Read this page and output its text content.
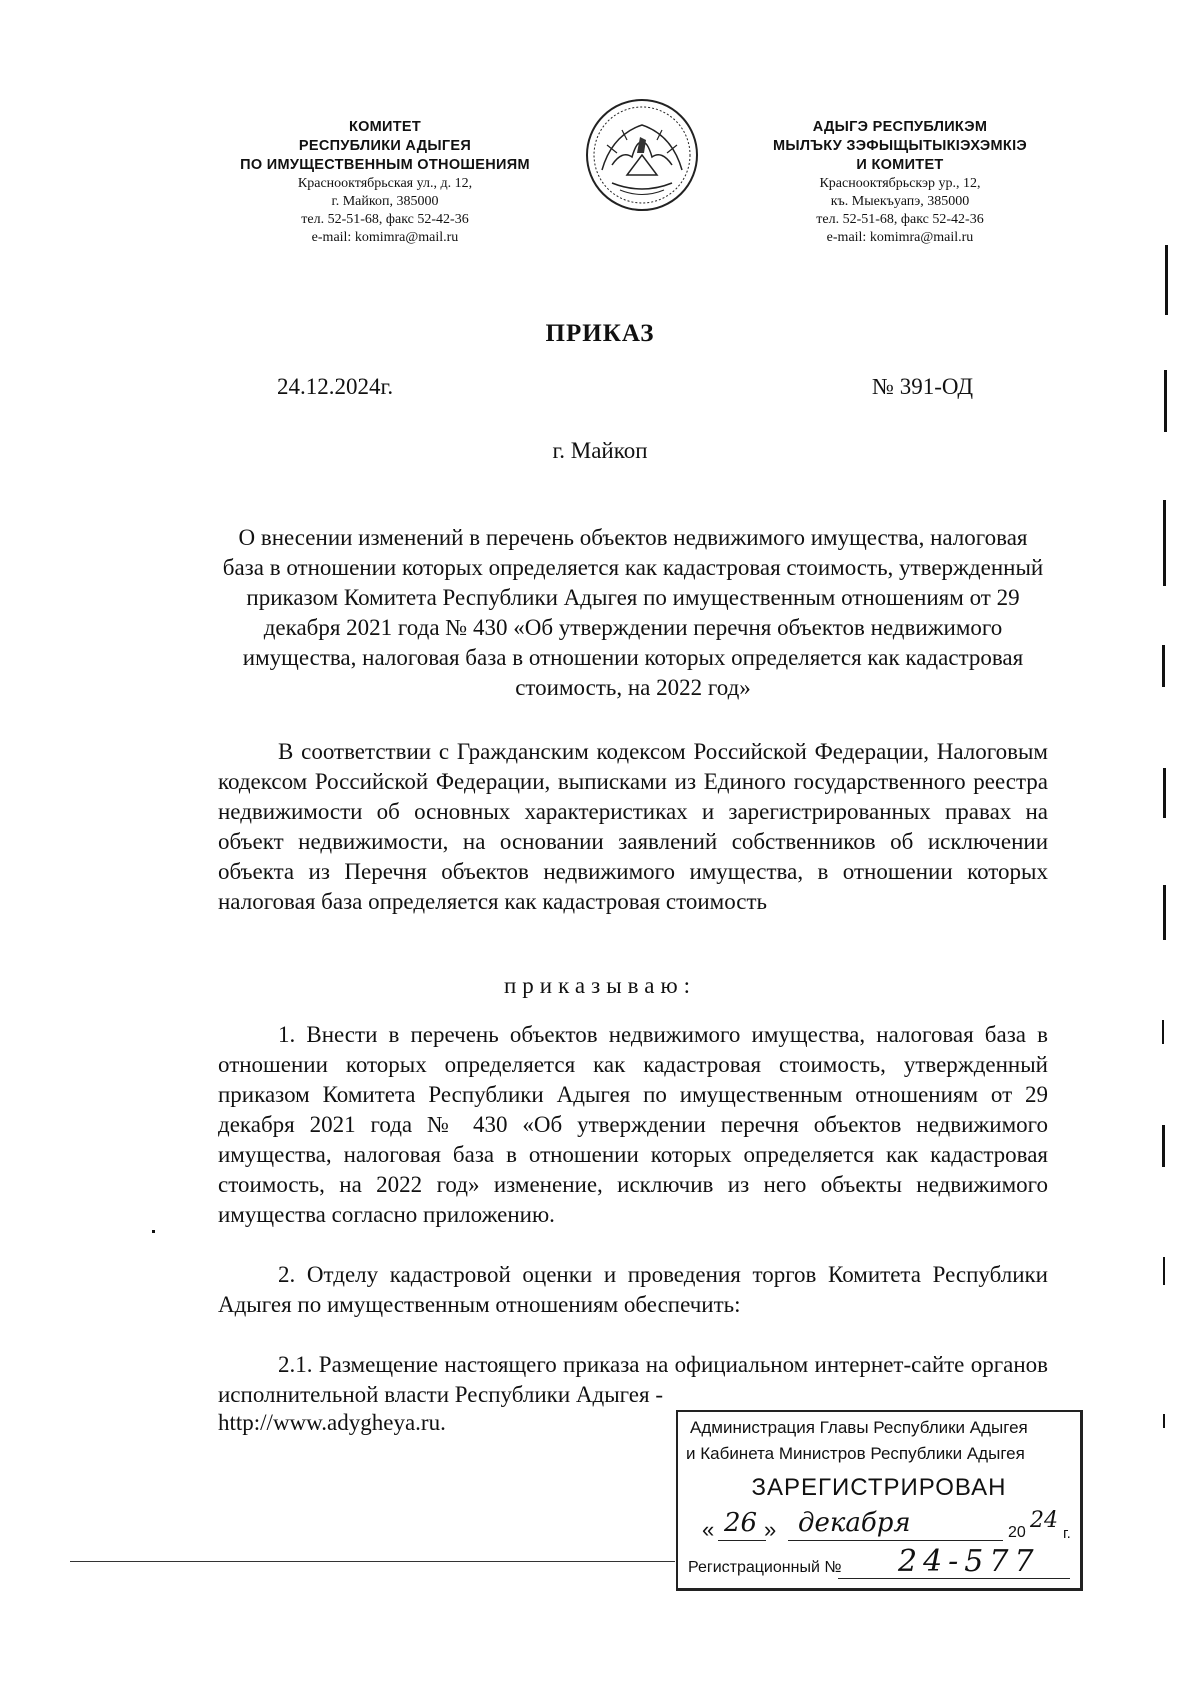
КОМИТЕТ
РЕСПУБЛИКИ АДЫГЕЯ
ПО ИМУЩЕСТВЕННЫМ ОТНОШЕНИЯМ
Краснооктябрьская ул., д. 12,
г. Майкоп, 385000
тел. 52-51-68, факс 52-42-36
e-mail: komimra@mail.ru
АДЫГЭ РЕСПУБЛИКЭМ
МЫЛЪКУ ЗЭФЫЩЫТЫКІЭХЭМКІЭ
И КОМИТЕТ
Краснооктябрьскэр ур., 12,
къ. Мыекъуапэ, 385000
тел. 52-51-68, факс 52-42-36
e-mail: komimra@mail.ru
ПРИКАЗ
24.12.2024г.	№ 391-ОД
г. Майкоп
О внесении изменений в перечень объектов недвижимого имущества, налоговая база в отношении которых определяется как кадастровая стоимость, утвержденный приказом Комитета Республики Адыгея по имущественным отношениям от 29 декабря 2021 года № 430 «Об утверждении перечня объектов недвижимого имущества, налоговая база в отношении которых определяется как кадастровая стоимость, на 2022 год»
В соответствии с Гражданским кодексом Российской Федерации, Налоговым кодексом Российской Федерации, выписками из Единого государственного реестра недвижимости об основных характеристиках и зарегистрированных правах на объект недвижимости, на основании заявлений собственников об исключении объекта из Перечня объектов недвижимого имущества, в отношении которых налоговая база определяется как кадастровая стоимость
приказываю:
1. Внести в перечень объектов недвижимого имущества, налоговая база в отношении которых определяется как кадастровая стоимость, утвержденный приказом Комитета Республики Адыгея по имущественным отношениям от 29 декабря 2021 года № 430 «Об утверждении перечня объектов недвижимого имущества, налоговая база в отношении которых определяется как кадастровая стоимость, на 2022 год» изменение, исключив из него объекты недвижимого имущества согласно приложению.
2. Отделу кадастровой оценки и проведения торгов Комитета Республики Адыгея по имущественным отношениям обеспечить:
2.1. Размещение настоящего приказа на официальном интернет-сайте органов исполнительной власти Республики Адыгея -
http://www.adygheya.ru.	Администрация Главы Республики Адыгея
и Кабинета Министров Республики Адыгея
ЗАРЕГИСТРИРОВАН
« 26 » декабря	20 24
г.
Регистрационный № 24-577
